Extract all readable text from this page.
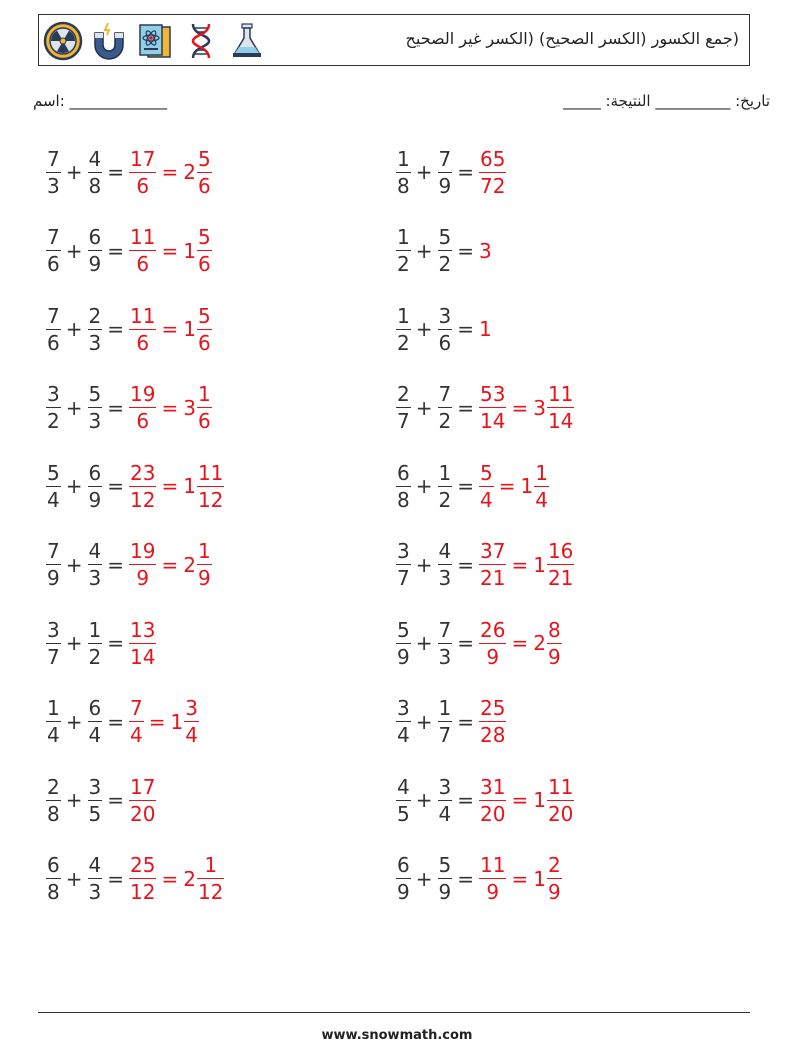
(جمع الكسور (الكسر الصحيح) (الكسر غير الصحيح
اسم: _____________	_____ :تاريخ: __________ النتيجة
$\frac{7}{3} + \frac{4}{8} = \frac{17}{6} = 2 \frac{5}{6}$	$\frac{1}{8} + \frac{7}{9} = \frac{65}{72}$
$\frac{7}{6} + \frac{6}{9} = \frac{11}{6} = 1 \frac{5}{6}$	$\frac{1}{2} + \frac{5}{2} = 3$
$\frac{7}{6} + \frac{2}{3} = \frac{11}{6} = 1 \frac{5}{6}$	$\frac{1}{2} + \frac{3}{6} = 1$
$\frac{3}{2} + \frac{5}{3} = \frac{19}{6} = 3 \frac{1}{6}$	$\frac{2}{7} + \frac{7}{2} = \frac{53}{14} = 3 \frac{11}{14}$
$\frac{5}{4} + \frac{6}{9} = \frac{23}{12} = 1 \frac{11}{12}$	$\frac{6}{8} + \frac{1}{2} = \frac{5}{4} = 1 \frac{1}{4}$
$\frac{7}{9} + \frac{4}{3} = \frac{19}{9} = 2 \frac{1}{9}$	$\frac{3}{7} + \frac{4}{3} = \frac{37}{21} = 1 \frac{16}{21}$
$\frac{3}{7} + \frac{1}{2} = \frac{13}{14}$	$\frac{5}{9} + \frac{7}{3} = \frac{26}{9} = 2 \frac{8}{9}$
$\frac{1}{4} + \frac{6}{4} = \frac{7}{4} = 1 \frac{3}{4}$	$\frac{3}{4} + \frac{1}{7} = \frac{25}{28}$
$\frac{2}{8} + \frac{3}{5} = \frac{17}{20}$	$\frac{4}{5} + \frac{3}{4} = \frac{31}{20} = 1 \frac{11}{20}$
$\frac{6}{8} + \frac{4}{3} = \frac{25}{12} = 2 \frac{1}{12}$	$\frac{6}{9} + \frac{5}{9} = \frac{11}{9} = 1 \frac{2}{9}$
www.snowmath.com
